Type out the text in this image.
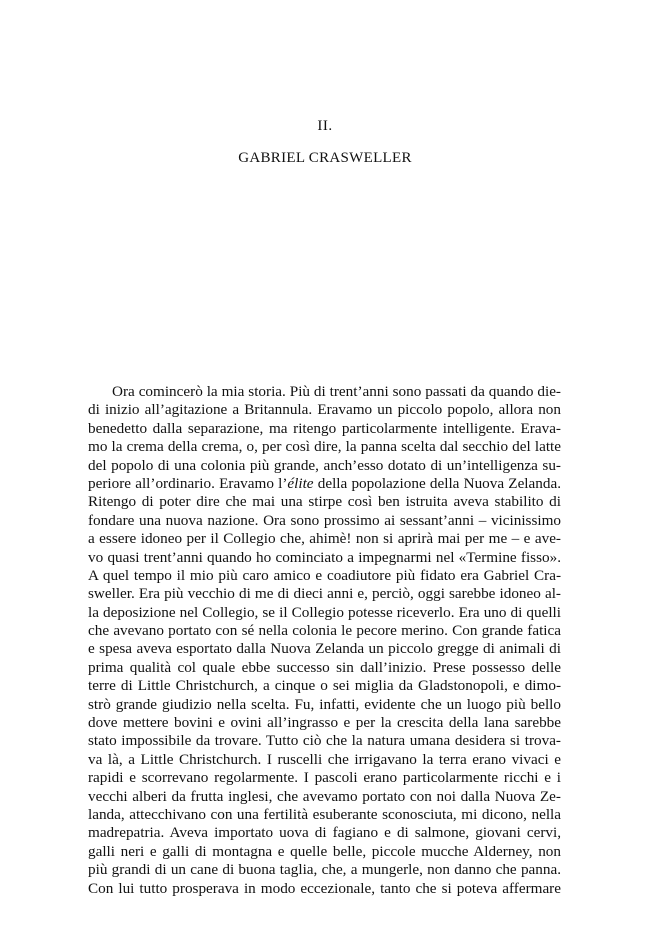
II.
GABRIEL CRASWELLER
Ora comincerò la mia storia. Più di trent’anni sono passati da quando die-
di inizio all’agitazione a Britannula. Eravamo un piccolo popolo, allora non
benedetto dalla separazione, ma ritengo particolarmente intelligente. Erava-
mo la crema della crema, o, per così dire, la panna scelta dal secchio del latte
del popolo di una colonia più grande, anch’esso dotato di un’intelligenza su-
periore all’ordinario. Eravamo l’élite della popolazione della Nuova Zelanda.
Ritengo di poter dire che mai una stirpe così ben istruita aveva stabilito di
fondare una nuova nazione. Ora sono prossimo ai sessant’anni – vicinissimo
a essere idoneo per il Collegio che, ahimè! non si aprirà mai per me – e ave-
vo quasi trent’anni quando ho cominciato a impegnarmi nel «Termine fisso».
A quel tempo il mio più caro amico e coadiutore più fidato era Gabriel Cra-
sweller. Era più vecchio di me di dieci anni e, perciò, oggi sarebbe idoneo al-
la deposizione nel Collegio, se il Collegio potesse riceverlo. Era uno di quelli
che avevano portato con sé nella colonia le pecore merino. Con grande fatica
e spesa aveva esportato dalla Nuova Zelanda un piccolo gregge di animali di
prima qualità col quale ebbe successo sin dall’inizio. Prese possesso delle
terre di Little Christchurch, a cinque o sei miglia da Gladstonopoli, e dimo-
strò grande giudizio nella scelta. Fu, infatti, evidente che un luogo più bello
dove mettere bovini e ovini all’ingrasso e per la crescita della lana sarebbe
stato impossibile da trovare. Tutto ciò che la natura umana desidera si trova-
va là, a Little Christchurch. I ruscelli che irrigavano la terra erano vivaci e
rapidi e scorrevano regolarmente. I pascoli erano particolarmente ricchi e i
vecchi alberi da frutta inglesi, che avevamo portato con noi dalla Nuova Ze-
landa, attecchivano con una fertilità esuberante sconosciuta, mi dicono, nella
madrepatria. Aveva importato uova di fagiano e di salmone, giovani cervi,
galli neri e galli di montagna e quelle belle, piccole mucche Alderney, non
più grandi di un cane di buona taglia, che, a mungerle, non danno che panna.
Con lui tutto prosperava in modo eccezionale, tanto che si poteva affermare
